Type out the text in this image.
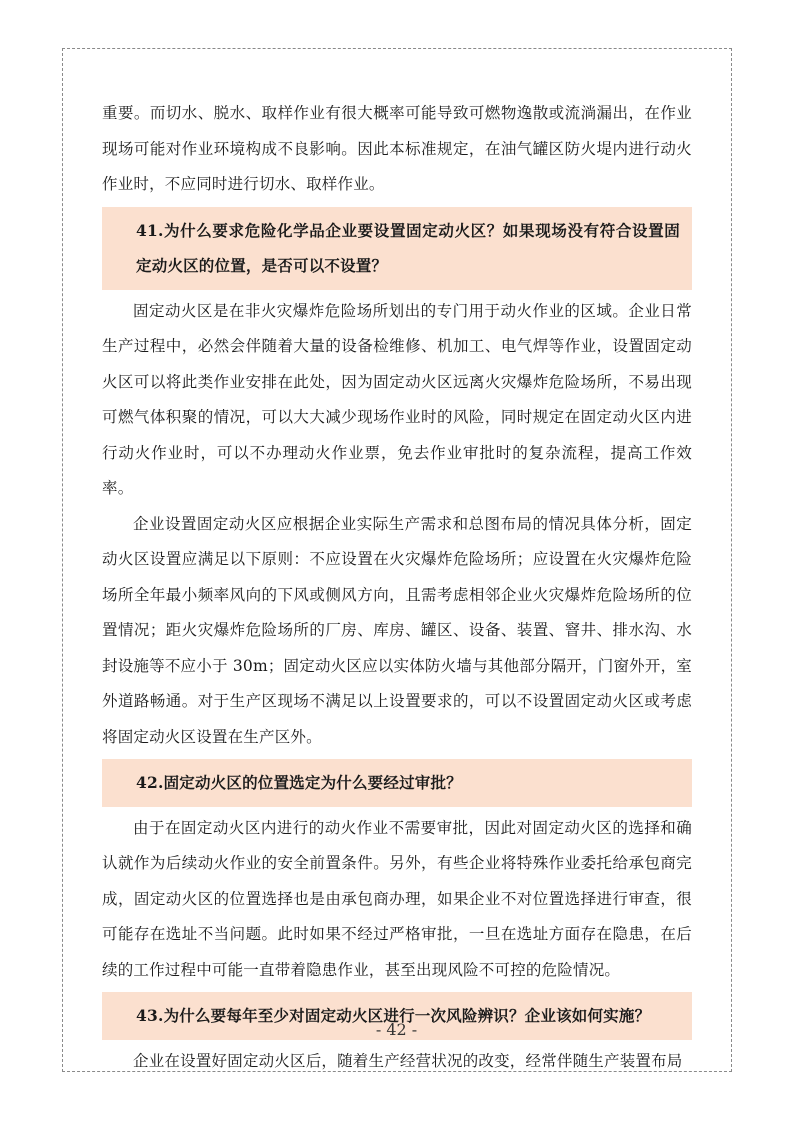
重要。而切水、脱水、取样作业有很大概率可能导致可燃物逸散或流淌漏出，在作业现场可能对作业环境构成不良影响。因此本标准规定，在油气罐区防火堤内进行动火作业时，不应同时进行切水、取样作业。

41.为什么要求危险化学品企业要设置固定动火区？如果现场没有符合设置固定动火区的位置，是否可以不设置？

固定动火区是在非火灾爆炸危险场所划出的专门用于动火作业的区域。企业日常生产过程中，必然会伴随着大量的设备检维修、机加工、电气焊等作业，设置固定动火区可以将此类作业安排在此处，因为固定动火区远离火灾爆炸危险场所，不易出现可燃气体积聚的情况，可以大大减少现场作业时的风险，同时规定在固定动火区内进行动火作业时，可以不办理动火作业票，免去作业审批时的复杂流程，提高工作效率。

企业设置固定动火区应根据企业实际生产需求和总图布局的情况具体分析，固定动火区设置应满足以下原则：不应设置在火灾爆炸危险场所；应设置在火灾爆炸危险场所全年最小频率风向的下风或侧风方向，且需考虑相邻企业火灾爆炸危险场所的位置情况；距火灾爆炸危险场所的厂房、库房、罐区、设备、装置、窨井、排水沟、水封设施等不应小于 30m；固定动火区应以实体防火墙与其他部分隔开，门窗外开，室外道路畅通。对于生产区现场不满足以上设置要求的，可以不设置固定动火区或考虑将固定动火区设置在生产区外。

42.固定动火区的位置选定为什么要经过审批？

由于在固定动火区内进行的动火作业不需要审批，因此对固定动火区的选择和确认就作为后续动火作业的安全前置条件。另外，有些企业将特殊作业委托给承包商完成，固定动火区的位置选择也是由承包商办理，如果企业不对位置选择进行审查，很可能存在选址不当问题。此时如果不经过严格审批，一旦在选址方面存在隐患，在后续的工作过程中可能一直带着隐患作业，甚至出现风险不可控的危险情况。

43.为什么要每年至少对固定动火区进行一次风险辨识？企业该如何实施？

企业在设置好固定动火区后，随着生产经营状况的改变，经常伴随生产装置布局

- 42 -
